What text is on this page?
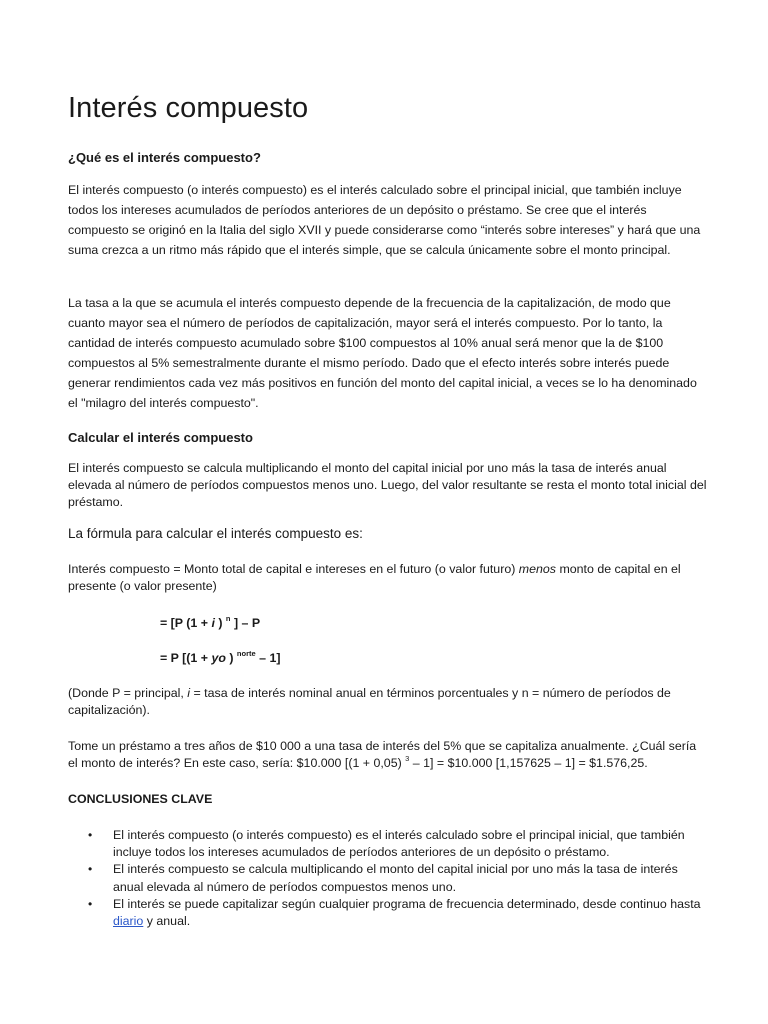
Interés compuesto
¿Qué es el interés compuesto?
El interés compuesto (o interés compuesto) es el interés calculado sobre el principal inicial, que también incluye todos los intereses acumulados de períodos anteriores de un depósito o préstamo. Se cree que el interés compuesto se originó en la Italia del siglo XVII y puede considerarse como “interés sobre intereses” y hará que una suma crezca a un ritmo más rápido que el interés simple, que se calcula únicamente sobre el monto principal.
La tasa a la que se acumula el interés compuesto depende de la frecuencia de la capitalización, de modo que cuanto mayor sea el número de períodos de capitalización, mayor será el interés compuesto. Por lo tanto, la cantidad de interés compuesto acumulado sobre $100 compuestos al 10% anual será menor que la de $100 compuestos al 5% semestralmente durante el mismo período. Dado que el efecto interés sobre interés puede generar rendimientos cada vez más positivos en función del monto del capital inicial, a veces se lo ha denominado el "milagro del interés compuesto".
Calcular el interés compuesto
El interés compuesto se calcula multiplicando el monto del capital inicial por uno más la tasa de interés anual elevada al número de períodos compuestos menos uno. Luego, del valor resultante se resta el monto total inicial del préstamo.
La fórmula para calcular el interés compuesto es:
Interés compuesto = Monto total de capital e intereses en el futuro (o valor futuro) menos monto de capital en el presente (o valor presente)
= [P (1 + i ) $^n$ ] – P
= P [(1 + yo ) $^{norte}$ – 1]
(Donde P = principal, i = tasa de interés nominal anual en términos porcentuales y n = número de períodos de capitalización).
Tome un préstamo a tres años de $10 000 a una tasa de interés del 5% que se capitaliza anualmente. ¿Cuál sería el monto de interés? En este caso, sería: $10.000 [(1 + 0,05) $^3$ – 1] = $10.000 [1,157625 – 1] = $1.576,25.
CONCLUSIONES CLAVE
• El interés compuesto (o interés compuesto) es el interés calculado sobre el principal inicial, que también incluye todos los intereses acumulados de períodos anteriores de un depósito o préstamo.
• El interés compuesto se calcula multiplicando el monto del capital inicial por uno más la tasa de interés anual elevada al número de períodos compuestos menos uno.
• El interés se puede capitalizar según cualquier programa de frecuencia determinado, desde continuo hasta diario y anual.
